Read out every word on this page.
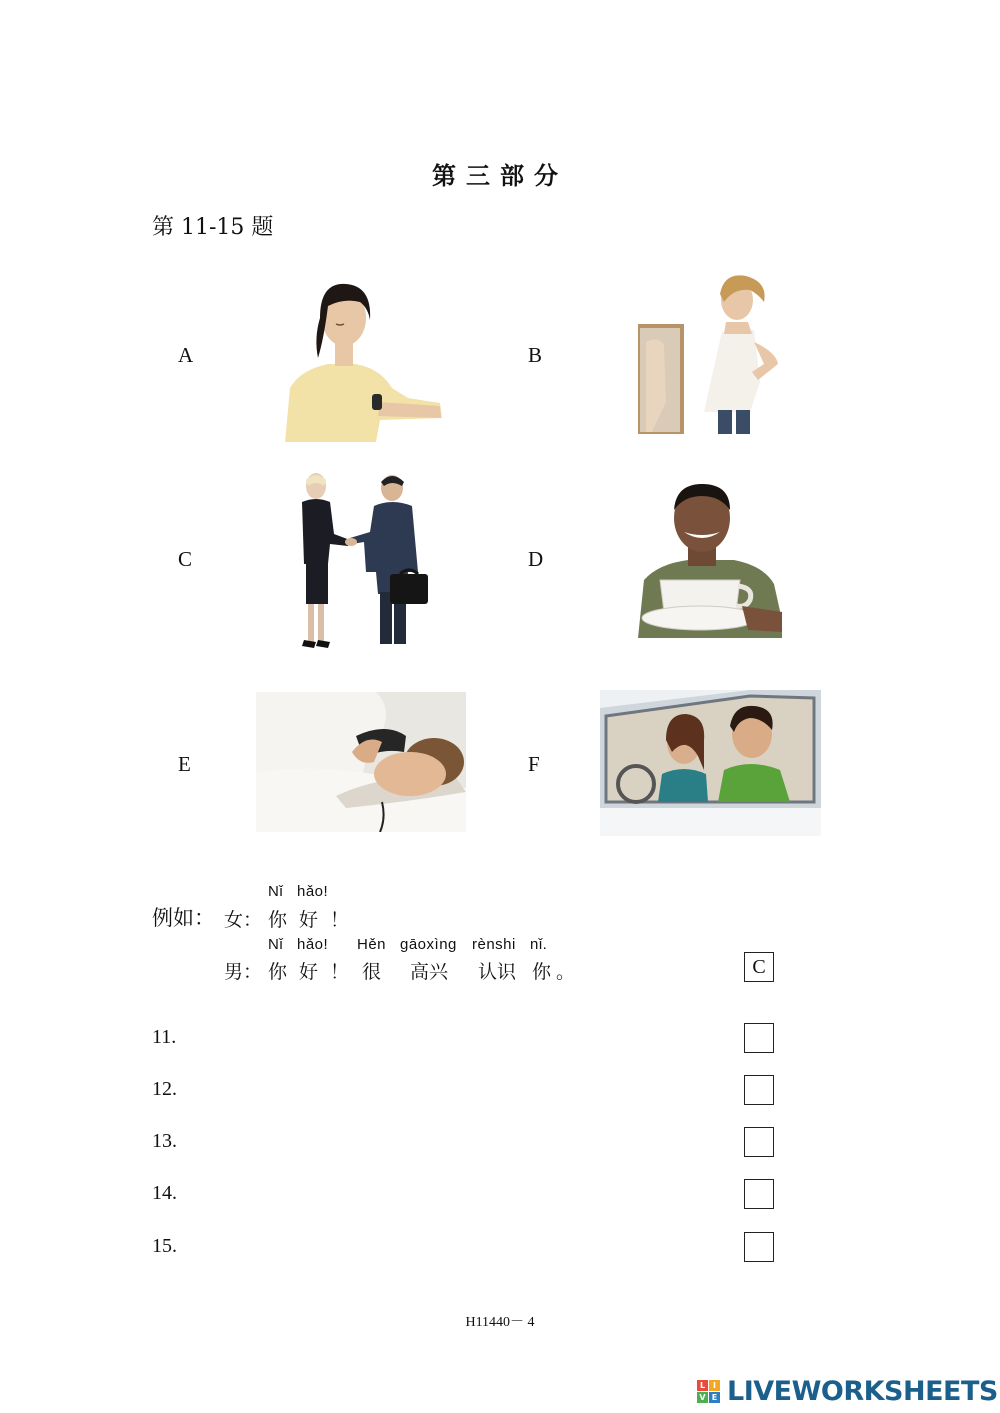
第三部分
第 11-15 题
A	B
C	D
E	F
例如： 女：
Nǐ hǎo!
你 好 ！
男：
Nǐ hǎo! Hěn gāoxìng rènshi nǐ.
你 好 ！ 很 高兴 认识 你 。	C
11.
12.
13.
14.
15.
H11440－ 4
L I
V E LIVEWORKSHEETS
